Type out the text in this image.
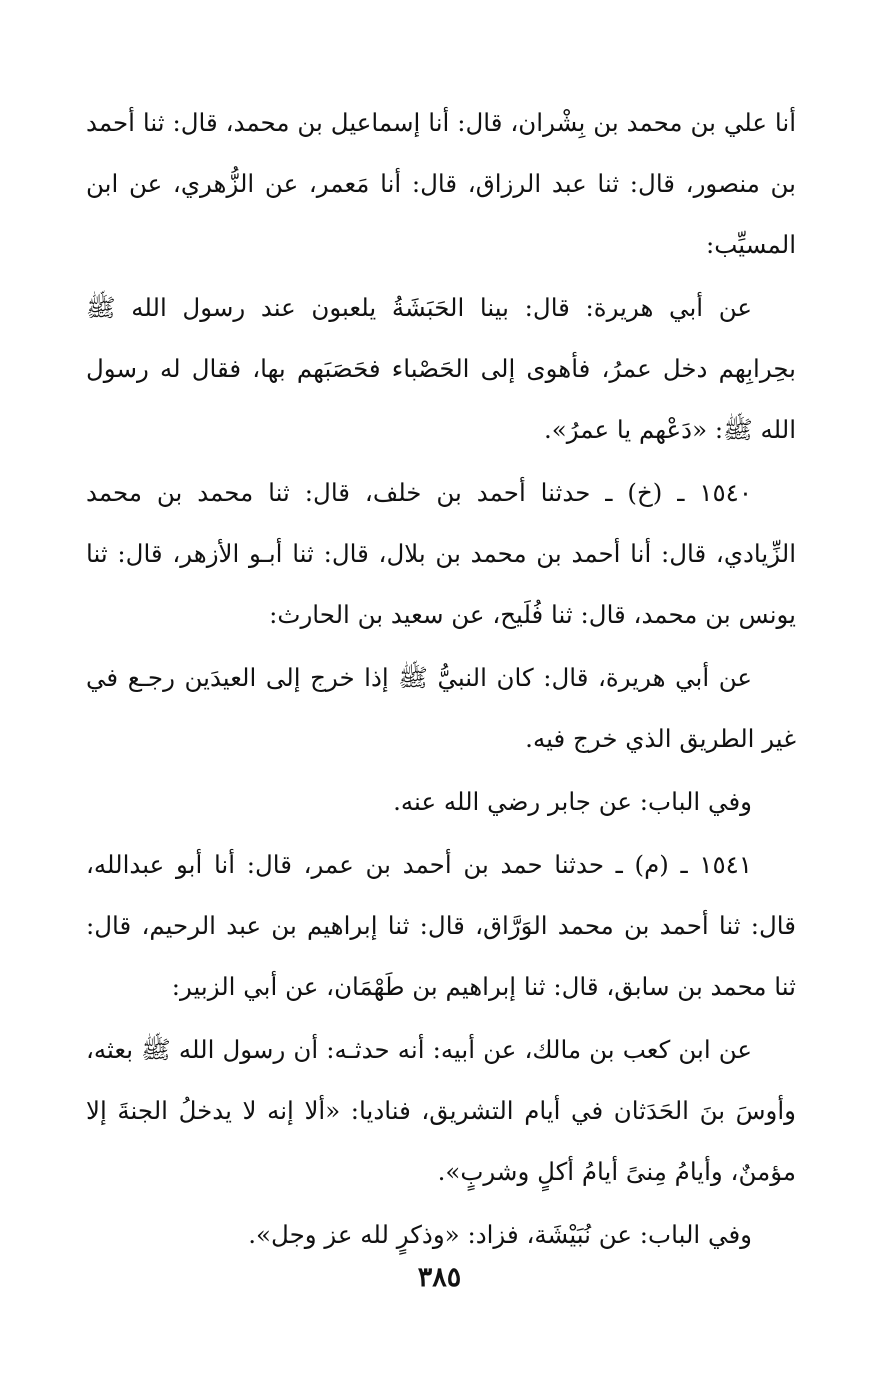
أنا علي بن محمد بن بِشْران، قال: أنا إسماعيل بن محمد، قال: ثنا أحمد بن منصور، قال: ثنا عبد الرزاق، قال: أنا مَعمر، عن الزُّهري، عن ابن المسيِّب:

عن أبي هريرة: قال: بينا الحَبَشَةُ يلعبون عند رسول الله ﷺ بحِرابِهم دخل عمرُ، فأهوى إلى الحَصْباء فحَصَبَهم بها، فقال له رسول الله ﷺ: «دَعْهم يا عمرُ».

١٥٤٠ ـ (خ) ـ حدثنا أحمد بن خلف، قال: ثنا محمد بن محمد الزِّيادي، قال: أنا أحمد بن محمد بن بلال، قال: ثنا أبـو الأزهر، قال: ثنا يونس بن محمد، قال: ثنا فُلَيح، عن سعيد بن الحارث:

عن أبي هريرة، قال: كان النبيُّ ﷺ إذا خرج إلى العيدَين رجـع في غير الطريق الذي خرج فيه.

وفي الباب: عن جابر رضي الله عنه.

١٥٤١ ـ (م) ـ حدثنا حمد بن أحمد بن عمر، قال: أنا أبو عبدالله، قال: ثنا أحمد بن محمد الوَرَّاق، قال: ثنا إبراهيم بن عبد الرحيم، قال: ثنا محمد بن سابق، قال: ثنا إبراهيم بن طَهْمَان، عن أبي الزبير:

عن ابن كعب بن مالك، عن أبيه: أنه حدثـه: أن رسول الله ﷺ بعثه، وأوسَ بنَ الحَدَثان في أيام التشريق، فناديا: «ألا إنه لا يدخلُ الجنةَ إلا مؤمنٌ، وأيامُ مِنىً أيامُ أكلٍ وشربٍ».

وفي الباب: عن نُبَيْشَة، فزاد: «وذكرٍ لله عز وجل».

٣٨٥
